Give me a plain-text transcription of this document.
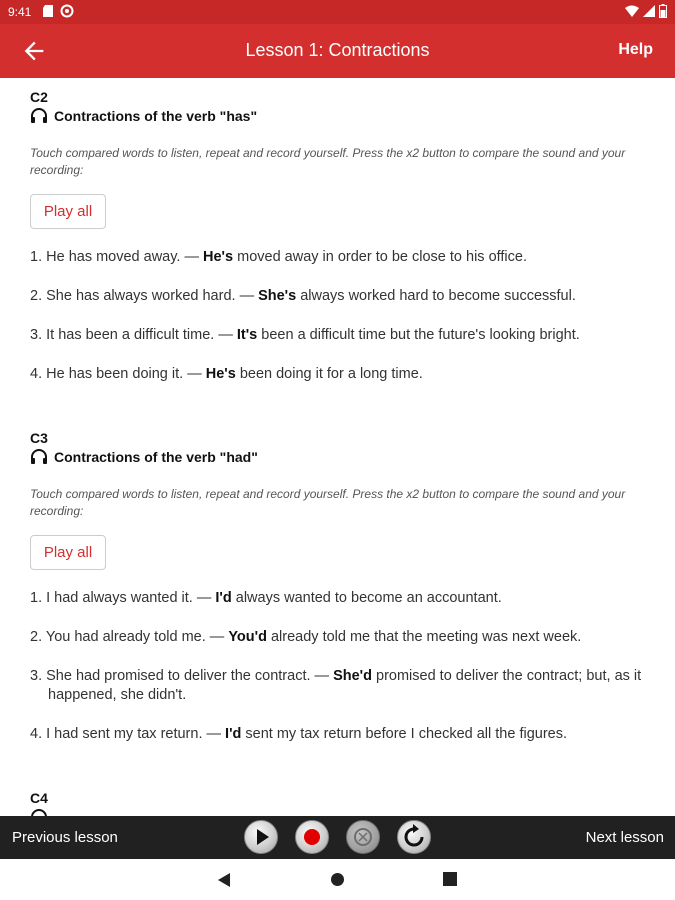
9:41
Lesson 1: Contractions	Help
C2
Contractions of the verb "has"
Touch compared words to listen, repeat and record yourself. Press the x2 button to compare the sound and your recording:
Play all
1. He has moved away. — He's moved away in order to be close to his office.
2. She has always worked hard. — She's always worked hard to become successful.
3. It has been a difficult time. — It's been a difficult time but the future's looking bright.
4. He has been doing it. — He's been doing it for a long time.
C3
Contractions of the verb "had"
Touch compared words to listen, repeat and record yourself. Press the x2 button to compare the sound and your recording:
Play all
1. I had always wanted it. — I'd always wanted to become an accountant.
2. You had already told me. — You'd already told me that the meeting was next week.
3. She had promised to deliver the contract. — She'd promised to deliver the contract; but, as it happened, she didn't.
4. I had sent my tax return. — I'd sent my tax return before I checked all the figures.
C4
Previous lesson	Next lesson
